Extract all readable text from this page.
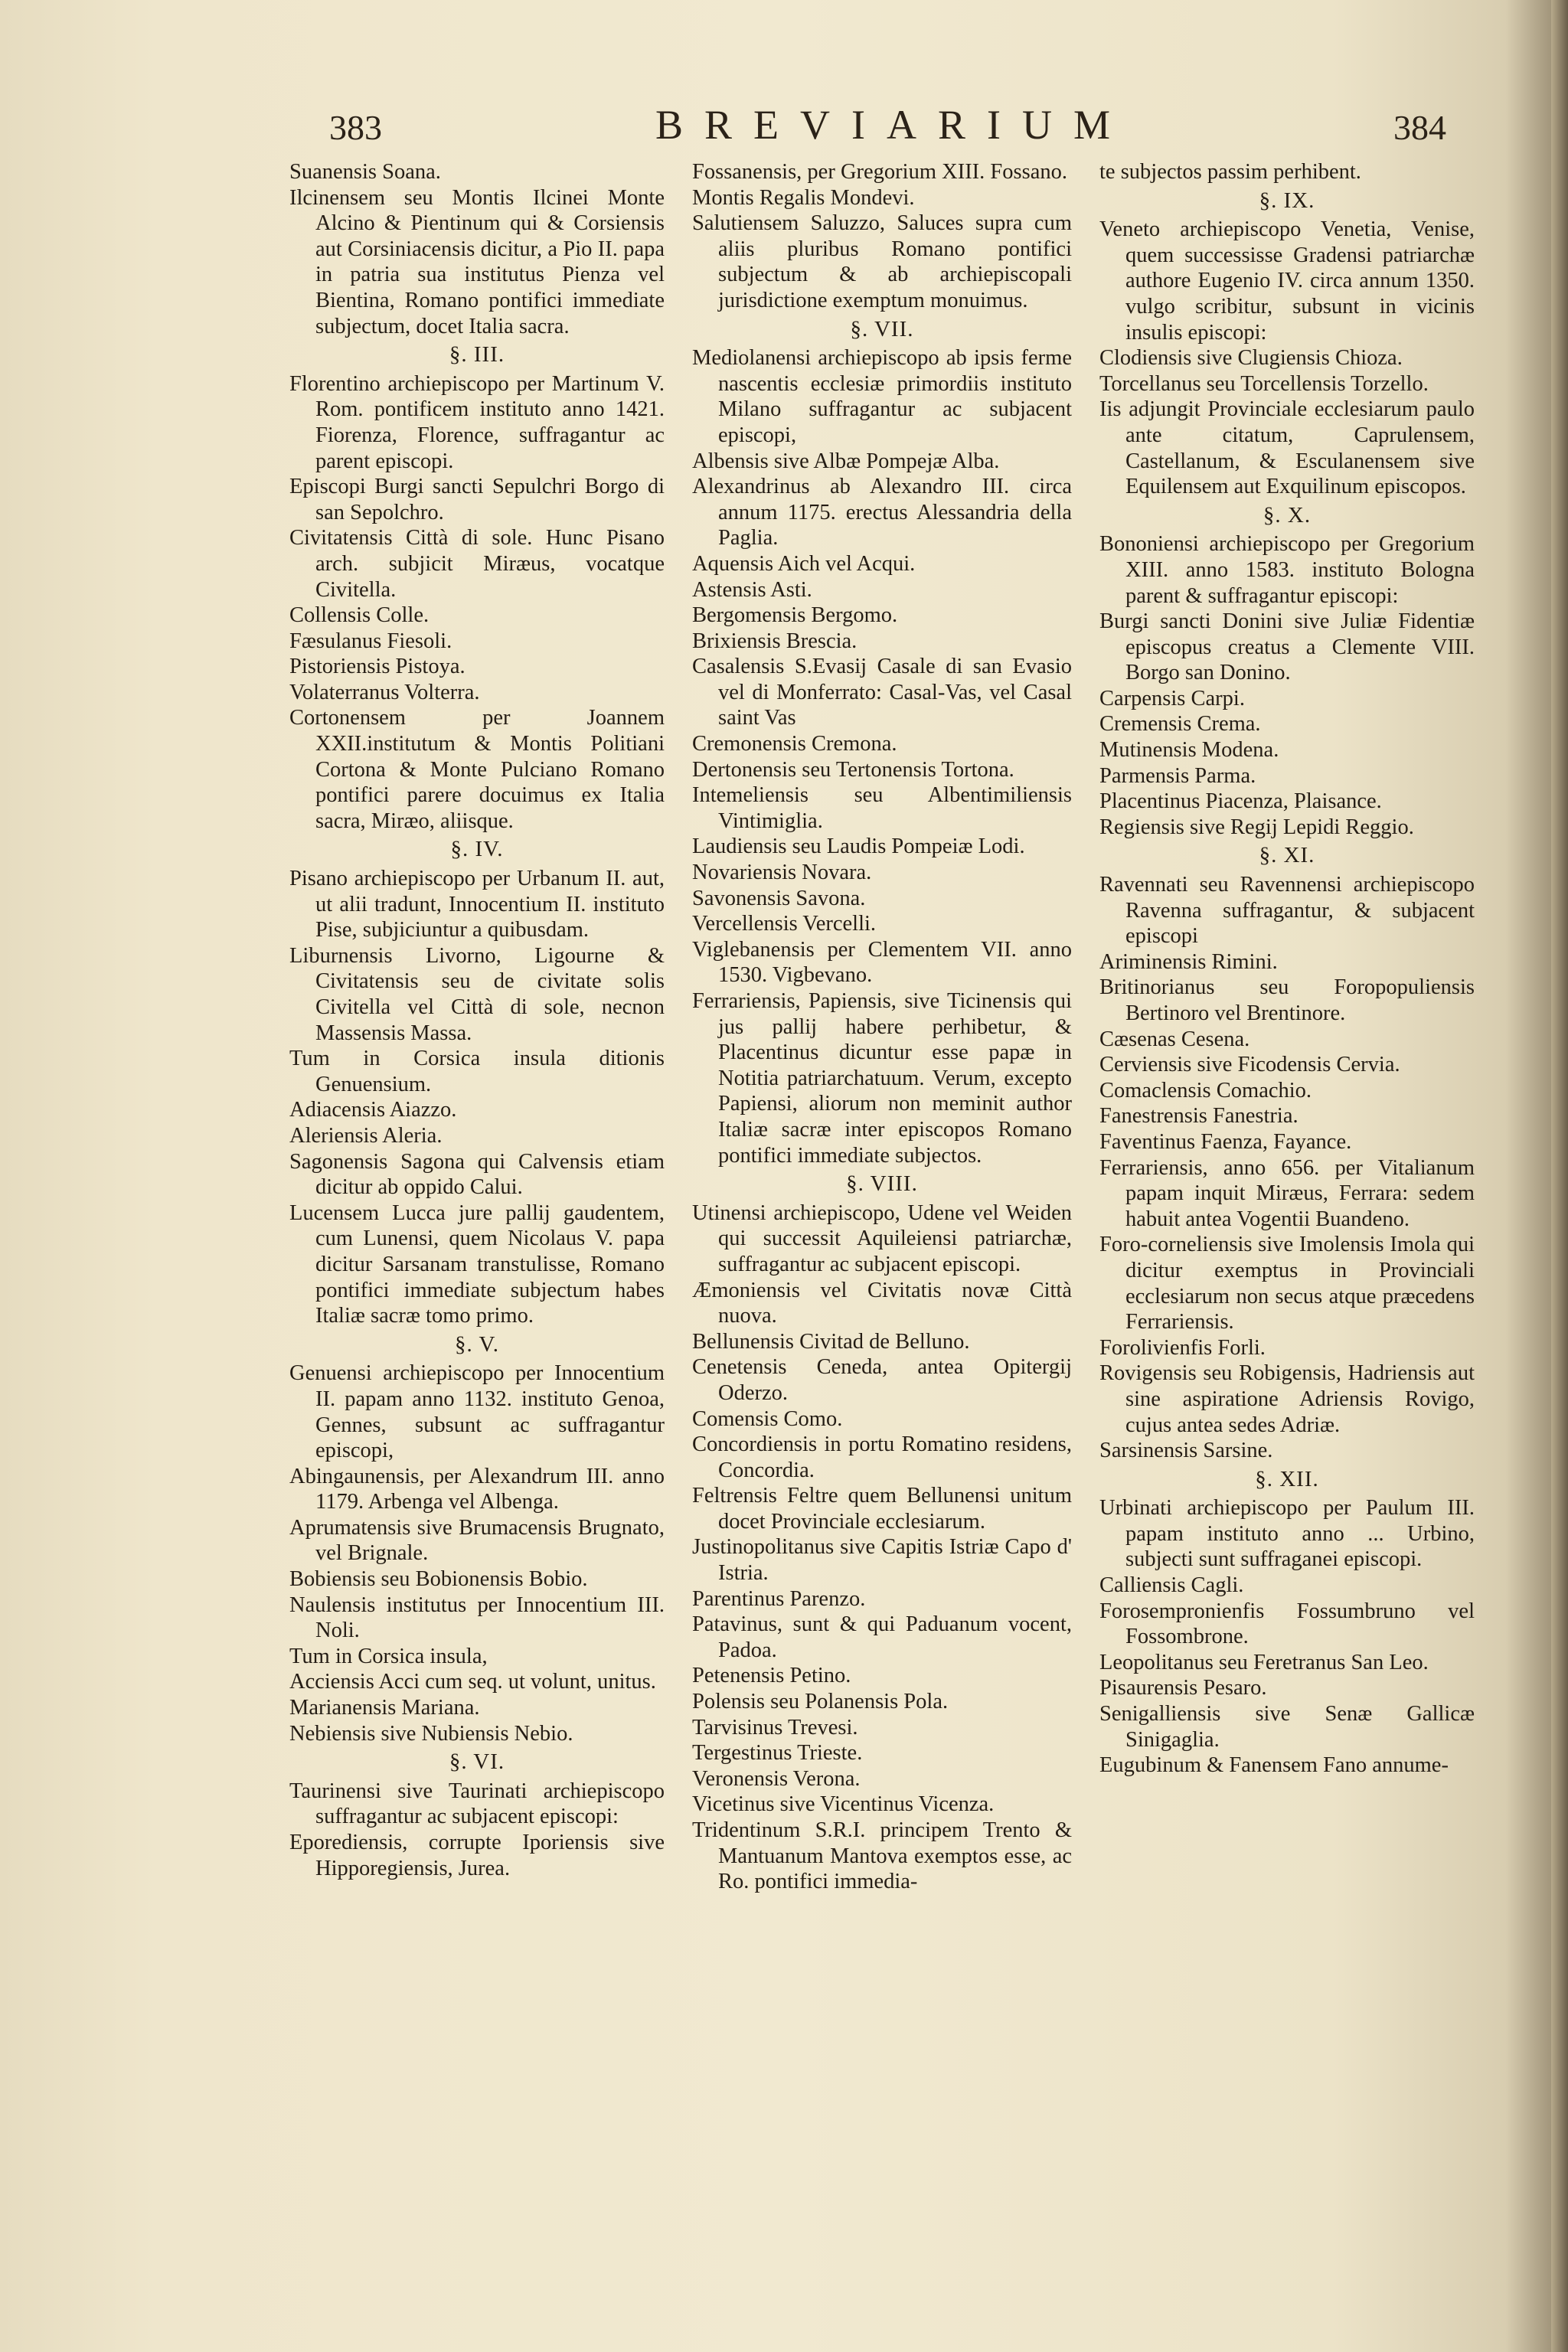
383	BREVIARIUM	384

Suanensis Soana.

Ilcinensem seu Montis Ilcinei Monte Alcino & Pientinum qui & Corsiensis aut Corsiniacensis dicitur, a Pio II. papa in patria sua institutus Pienza vel Bientina, Romano pontifici immediate subjectum, docet Italia sacra.

§. III.

Florentino archiepiscopo per Martinum V. Rom. pontificem instituto anno 1421. Fiorenza, Florence, suffragantur ac parent episcopi.

Episcopi Burgi sancti Sepulchri Borgo di san Sepolchro.

Civitatensis Città di sole. Hunc Pisano arch. subjicit Miræus, vocatque Civitella.

Collensis Colle.

Fæsulanus Fiesoli.

Pistoriensis Pistoya.

Volaterranus Volterra.

Cortonensem per Joannem XXII.institutum & Montis Politiani Cortona & Monte Pulciano Romano pontifici parere docuimus ex Italia sacra, Miræo, aliisque.

§. IV.

Pisano archiepiscopo per Urbanum II. aut, ut alii tradunt, Innocentium II. instituto Pise, subjiciuntur a quibusdam.

Liburnensis Livorno, Ligourne & Civitatensis seu de civitate solis Civitella vel Città di sole, necnon Massensis Massa.

Tum in Corsica insula ditionis Genuensium.

Adiacensis Aiazzo.

Aleriensis Aleria.

Sagonensis Sagona qui Calvensis etiam dicitur ab oppido Calui.

Lucensem Lucca jure pallij gaudentem, cum Lunensi, quem Nicolaus V. papa dicitur Sarsanam transtulisse, Romano pontifici immediate subjectum habes Italiæ sacræ tomo primo.

§. V.

Genuensi archiepiscopo per Innocentium II. papam anno 1132. instituto Genoa, Gennes, subsunt ac suffragantur episcopi,

Abingaunensis, per Alexandrum III. anno 1179. Arbenga vel Albenga.

Aprumatensis sive Brumacensis Brugnato, vel Brignale.

Bobiensis seu Bobionensis Bobio.

Naulensis institutus per Innocentium III. Noli.

Tum in Corsica insula,

Acciensis Acci cum seq. ut volunt, unitus.

Marianensis Mariana.

Nebiensis sive Nubiensis Nebio.

§. VI.

Taurinensi sive Taurinati archiepiscopo suffragantur ac subjacent episcopi:

Eporediensis, corrupte Iporiensis sive Hipporegiensis, Jurea.

Fossanensis, per Gregorium XIII. Fossano.

Montis Regalis Mondevi.

Salutiensem Saluzzo, Saluces supra cum aliis pluribus Romano pontifici subjectum & ab archiepiscopali jurisdictione exemptum monuimus.

§. VII.

Mediolanensi archiepiscopo ab ipsis ferme nascentis ecclesiæ primordiis instituto Milano suffragantur ac subjacent episcopi,

Albensis sive Albæ Pompejæ Alba.

Alexandrinus ab Alexandro III. circa annum 1175. erectus Alessandria della Paglia.

Aquensis Aich vel Acqui.

Astensis Asti.

Bergomensis Bergomo.

Brixiensis Brescia.

Casalensis S.Evasij Casale di san Evasio vel di Monferrato: Casal-Vas, vel Casal saint Vas

Cremonensis Cremona.

Dertonensis seu Tertonensis Tortona.

Intemeliensis seu Albentimiliensis Vintimiglia.

Laudiensis seu Laudis Pompeiæ Lodi.

Novariensis Novara.

Savonensis Savona.

Vercellensis Vercelli.

Viglebanensis per Clementem VII. anno 1530. Vigbevano.

Ferrariensis, Papiensis, sive Ticinensis qui jus pallij habere perhibetur, & Placentinus dicuntur esse papæ in Notitia patriarchatuum. Verum, excepto Papiensi, aliorum non meminit author Italiæ sacræ inter episcopos Romano pontifici immediate subjectos.

§. VIII.

Utinensi archiepiscopo, Udene vel Weiden qui successit Aquileiensi patriarchæ, suffragantur ac subjacent episcopi.

Æmoniensis vel Civitatis novæ Città nuova.

Bellunensis Civitad de Belluno.

Cenetensis Ceneda, antea Opitergij Oderzo.

Comensis Como.

Concordiensis in portu Romatino residens, Concordia.

Feltrensis Feltre quem Bellunensi unitum docet Provinciale ecclesiarum.

Justinopolitanus sive Capitis Istriæ Capo d' Istria.

Parentinus Parenzo.

Patavinus, sunt & qui Paduanum vocent, Padoa.

Petenensis Petino.

Polensis seu Polanensis Pola.

Tarvisinus Trevesi.

Tergestinus Trieste.

Veronensis Verona.

Vicetinus sive Vicentinus Vicenza.

Tridentinum S.R.I. principem Trento & Mantuanum Mantova exemptos esse, ac Ro. pontifici immedia-

te subjectos passim perhibent.

§. IX.

Veneto archiepiscopo Venetia, Venise, quem successisse Gradensi patriarchæ authore Eugenio IV. circa annum 1350. vulgo scribitur, subsunt in vicinis insulis episcopi:

Clodiensis sive Clugiensis Chioza.

Torcellanus seu Torcellensis Torzello.

Iis adjungit Provinciale ecclesiarum paulo ante citatum, Caprulensem, Castellanum, & Esculanensem sive Equilensem aut Exquilinum episcopos.

§. X.

Bononiensi archiepiscopo per Gregorium XIII. anno 1583. instituto Bologna parent & suffragantur episcopi:

Burgi sancti Donini sive Juliæ Fidentiæ episcopus creatus a Clemente VIII. Borgo san Donino.

Carpensis Carpi.

Cremensis Crema.

Mutinensis Modena.

Parmensis Parma.

Placentinus Piacenza, Plaisance.

Regiensis sive Regij Lepidi Reggio.

§. XI.

Ravennati seu Ravennensi archiepiscopo Ravenna suffragantur, & subjacent episcopi

Ariminensis Rimini.

Britinorianus seu Foropopuliensis Bertinoro vel Brentinore.

Cæsenas Cesena.

Cerviensis sive Ficodensis Cervia.

Comaclensis Comachio.

Fanestrensis Fanestria.

Faventinus Faenza, Fayance.

Ferrariensis, anno 656. per Vitalianum papam inquit Miræus, Ferrara: sedem habuit antea Vogentii Buandeno.

Foro-corneliensis sive Imolensis Imola qui dicitur exemptus in Provinciali ecclesiarum non secus atque præcedens Ferrariensis.

Forolivienfis Forli.

Rovigensis seu Robigensis, Hadriensis aut sine aspiratione Adriensis Rovigo, cujus antea sedes Adriæ.

Sarsinensis Sarsine.

§. XII.

Urbinati archiepiscopo per Paulum III. papam instituto anno ... Urbino, subjecti sunt suffraganei episcopi.

Calliensis Cagli.

Forosempronienfis Fossumbruno vel Fossombrone.

Leopolitanus seu Feretranus San Leo.

Pisaurensis Pesaro.

Senigalliensis sive Senæ Gallicæ Sinigaglia.

Eugubinum & Fanensem Fano annume-
